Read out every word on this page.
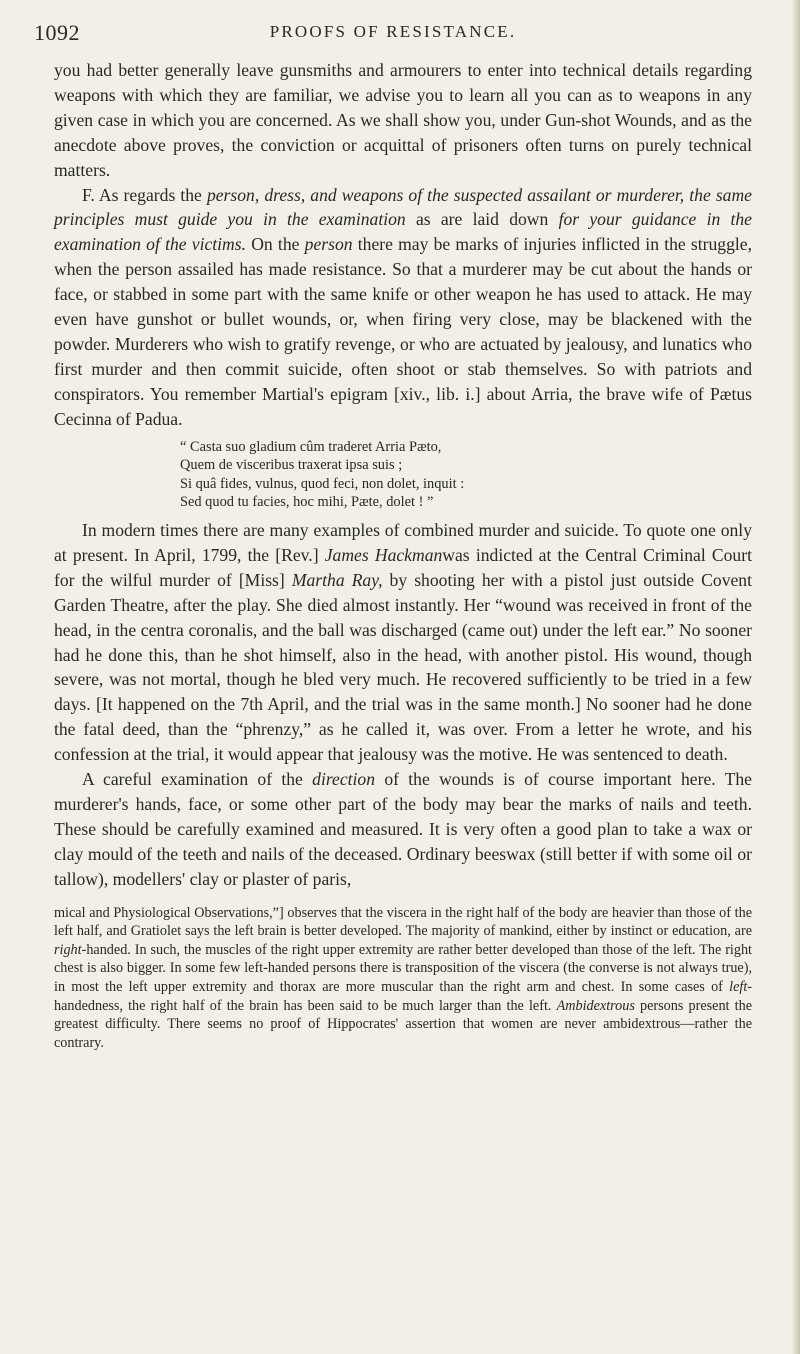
1092	PROOFS OF RESISTANCE.

you had better generally leave gunsmiths and armourers to enter into technical details regarding weapons with which they are familiar, we advise you to learn all you can as to weapons in any given case in which you are concerned. As we shall show you, under Gun-shot Wounds, and as the anecdote above proves, the conviction or acquittal of prisoners often turns on purely technical matters.

F. As regards the person, dress, and weapons of the suspected assailant or murderer, the same principles must guide you in the examination as are laid down for your guidance in the examination of the victims. On the person there may be marks of injuries inflicted in the struggle, when the person assailed has made resistance. So that a murderer may be cut about the hands or face, or stabbed in some part with the same knife or other weapon he has used to attack. He may even have gunshot or bullet wounds, or, when firing very close, may be blackened with the powder. Murderers who wish to gratify revenge, or who are actuated by jealousy, and lunatics who first murder and then commit suicide, often shoot or stab themselves. So with patriots and conspirators. You remember Martial's epigram [xiv., lib. i.] about Arria, the brave wife of Pætus Cecinna of Padua.

“ Casta suo gladium cûm traderet Arria Pæto,
Quem de visceribus traxerat ipsa suis ;
Si quâ fides, vulnus, quod feci, non dolet, inquit :
Sed quod tu facies, hoc mihi, Pæte, dolet ! ”

In modern times there are many examples of combined murder and suicide. To quote one only at present. In April, 1799, the [Rev.] James Hackmanwas indicted at the Central Criminal Court for the wilful murder of [Miss] Martha Ray, by shooting her with a pistol just outside Covent Garden Theatre, after the play. She died almost instantly. Her “wound was received in front of the head, in the centra coronalis, and the ball was discharged (came out) under the left ear.” No sooner had he done this, than he shot himself, also in the head, with another pistol. His wound, though severe, was not mortal, though he bled very much. He recovered sufficiently to be tried in a few days. [It happened on the 7th April, and the trial was in the same month.] No sooner had he done the fatal deed, than the “phrenzy,” as he called it, was over. From a letter he wrote, and his confession at the trial, it would appear that jealousy was the motive. He was sentenced to death.

A careful examination of the direction of the wounds is of course important here. The murderer's hands, face, or some other part of the body may bear the marks of nails and teeth. These should be carefully examined and measured. It is very often a good plan to take a wax or clay mould of the teeth and nails of the deceased. Ordinary beeswax (still better if with some oil or tallow), modellers' clay or plaster of paris,

mical and Physiological Observations,”] observes that the viscera in the right half of the body are heavier than those of the left half, and Gratiolet says the left brain is better developed. The majority of mankind, either by instinct or education, are right-handed. In such, the muscles of the right upper extremity are rather better developed than those of the left. The right chest is also bigger. In some few left-handed persons there is transposition of the viscera (the converse is not always true), in most the left upper extremity and thorax are more muscular than the right arm and chest. In some cases of left-handedness, the right half of the brain has been said to be much larger than the left. Ambidextrous persons present the greatest difficulty. There seems no proof of Hippocrates' assertion that women are never ambidextrous—rather the contrary.
